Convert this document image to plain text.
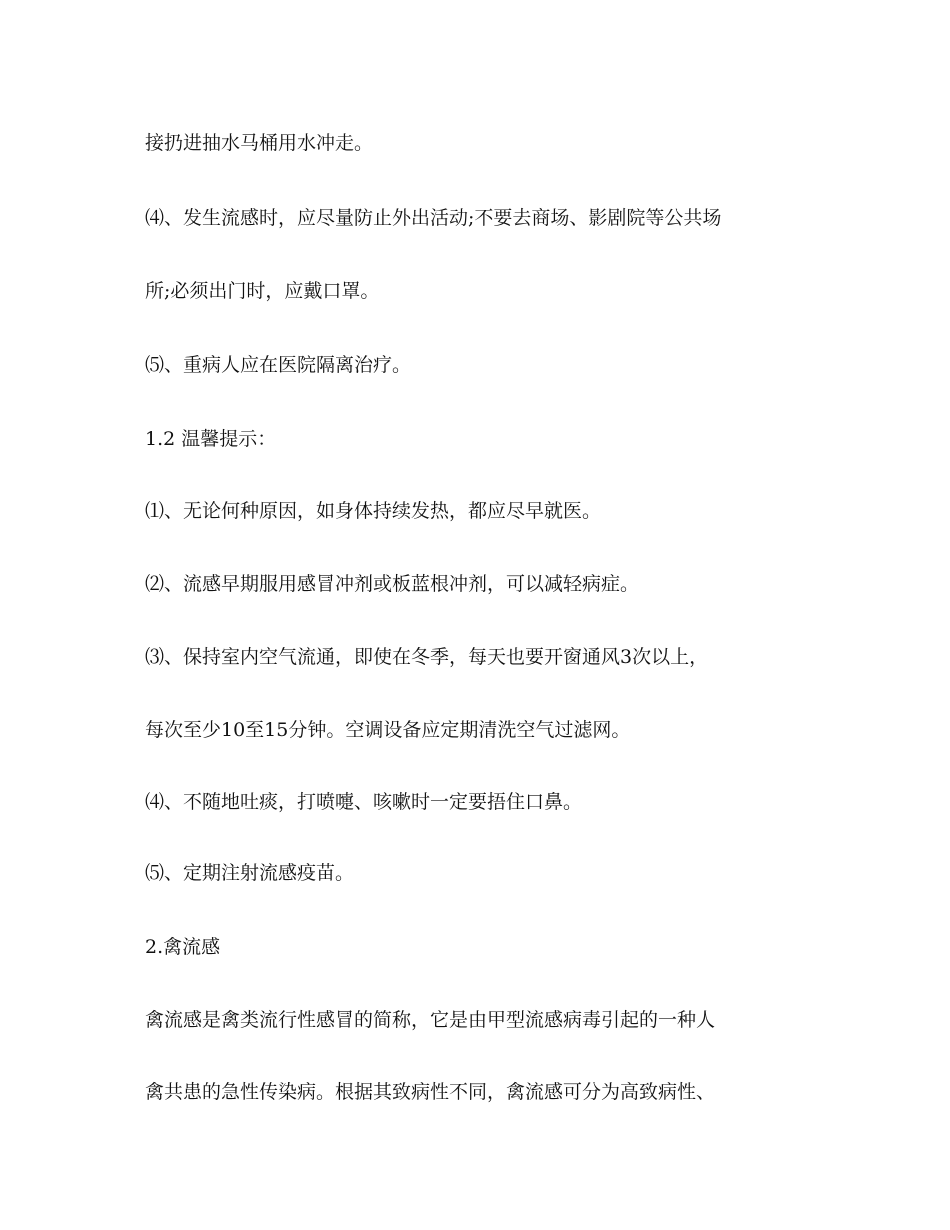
接扔进抽水马桶用水冲走。
⑷、发生流感时，应尽量防止外出活动;不要去商场、影剧院等公共场
所;必须出门时，应戴口罩。
⑸、重病人应在医院隔离治疗。
1.2 温馨提示：
⑴、无论何种原因，如身体持续发热，都应尽早就医。
⑵、流感早期服用感冒冲剂或板蓝根冲剂，可以减轻病症。
⑶、保持室内空气流通，即使在冬季，每天也要开窗通风3次以上，
每次至少10至15分钟。空调设备应定期清洗空气过滤网。
⑷、不随地吐痰，打喷嚏、咳嗽时一定要捂住口鼻。
⑸、定期注射流感疫苗。
2.禽流感
禽流感是禽类流行性感冒的简称，它是由甲型流感病毒引起的一种人
禽共患的急性传染病。根据其致病性不同，禽流感可分为高致病性、
